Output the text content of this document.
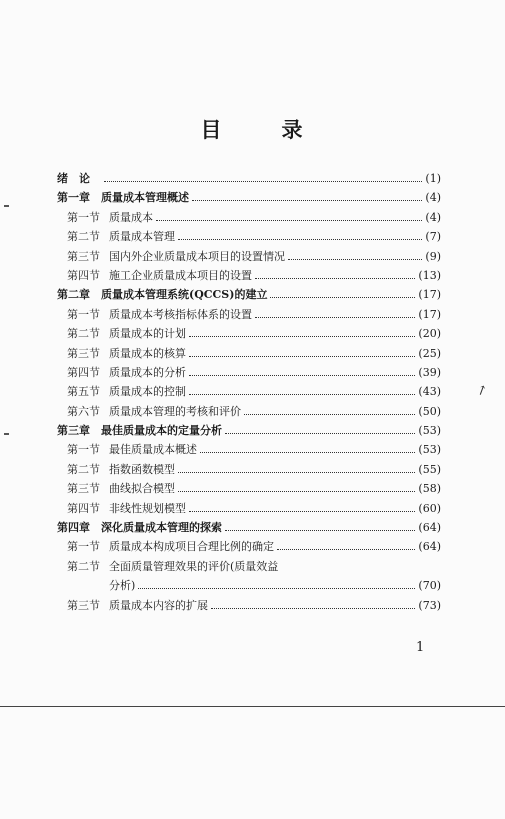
目	录
绪　论	(1)
第一章	质量成本管理概述	(4)
第一节 质量成本	(4)
第二节 质量成本管理	(7)
第三节 国内外企业质量成本项目的设置情况	(9)
第四节 施工企业质量成本项目的设置	(13)
第二章	质量成本管理系统(QCCS)的建立	(17)
第一节 质量成本考核指标体系的设置	(17)
第二节 质量成本的计划	(20)
第三节 质量成本的核算	(25)
第四节 质量成本的分析	(39)
第五节 质量成本的控制	(43)
第六节 质量成本管理的考核和评价	(50)
第三章	最佳质量成本的定量分析	(53)
第一节 最佳质量成本概述	(53)
第二节 指数函数模型	(55)
第三节 曲线拟合模型	(58)
第四节 非线性规划模型	(60)
第四章	深化质量成本管理的探索	(64)
第一节 质量成本构成项目合理比例的确定	(64)
第二节 全面质量管理效果的评价(质量效益
分析)	(70)
第三节 质量成本内容的扩展	(73)
1
↑
